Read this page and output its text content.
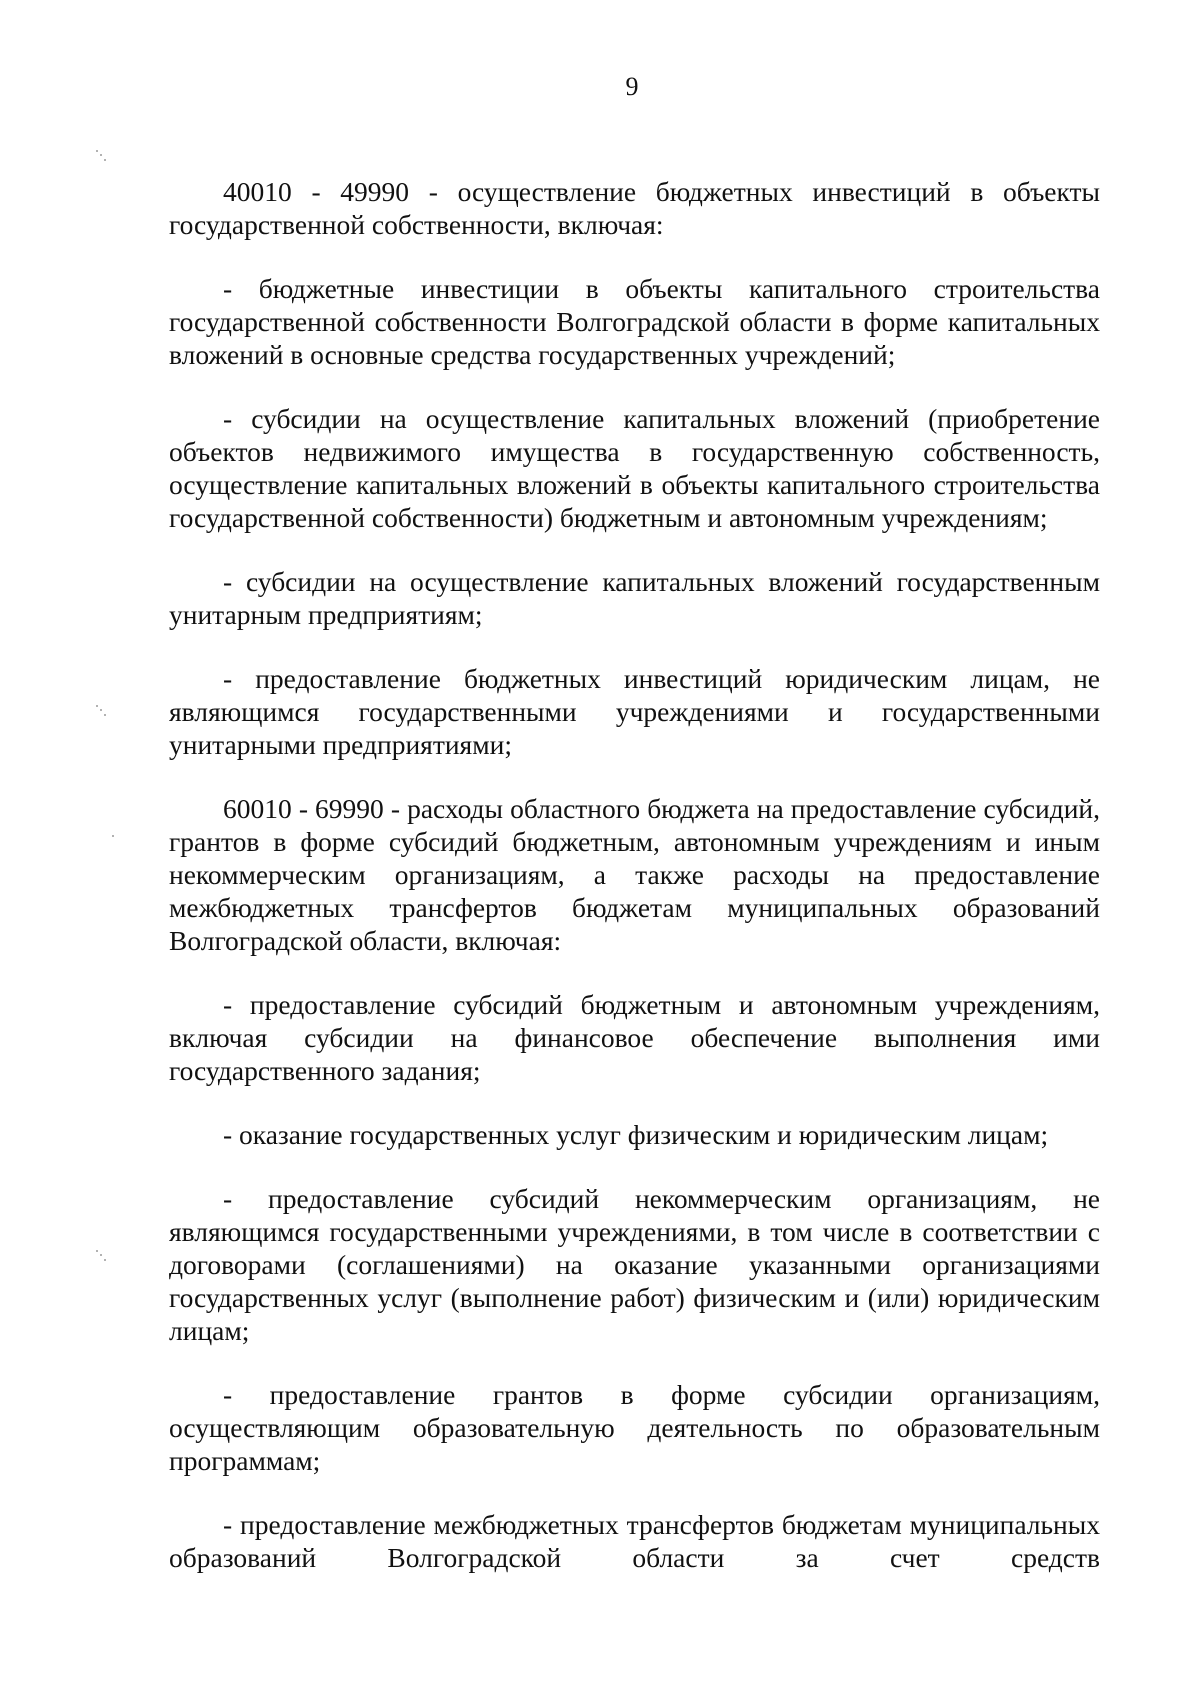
9

40010 - 49990 - осуществление бюджетных инвестиций в объекты государственной собственности, включая:

- бюджетные инвестиции в объекты капитального строительства государственной собственности Волгоградской области в форме капитальных вложений в основные средства государственных учреждений;

- субсидии на осуществление капитальных вложений (приобретение объектов недвижимого имущества в государственную собственность, осуществление капитальных вложений в объекты капитального строительства государственной собственности) бюджетным и автономным учреждениям;

- субсидии на осуществление капитальных вложений государственным унитарным предприятиям;

- предоставление бюджетных инвестиций юридическим лицам, не являющимся государственными учреждениями и государственными унитарными предприятиями;

60010 - 69990 - расходы областного бюджета на предоставление субсидий, грантов в форме субсидий бюджетным, автономным учреждениям и иным некоммерческим организациям, а также расходы на предоставление межбюджетных трансфертов бюджетам муниципальных образований Волгоградской области, включая:

- предоставление субсидий бюджетным и автономным учреждениям, включая субсидии на финансовое обеспечение выполнения ими государственного задания;

- оказание государственных услуг физическим и юридическим лицам;

- предоставление субсидий некоммерческим организациям, не являющимся государственными учреждениями, в том числе в соответствии с договорами (соглашениями) на оказание указанными организациями государственных услуг (выполнение работ) физическим и (или) юридическим лицам;

- предоставление грантов в форме субсидии организациям, осуществляющим образовательную деятельность по образовательным программам;

- предоставление межбюджетных трансфертов бюджетам муниципальных образований Волгоградской области за счет средств
